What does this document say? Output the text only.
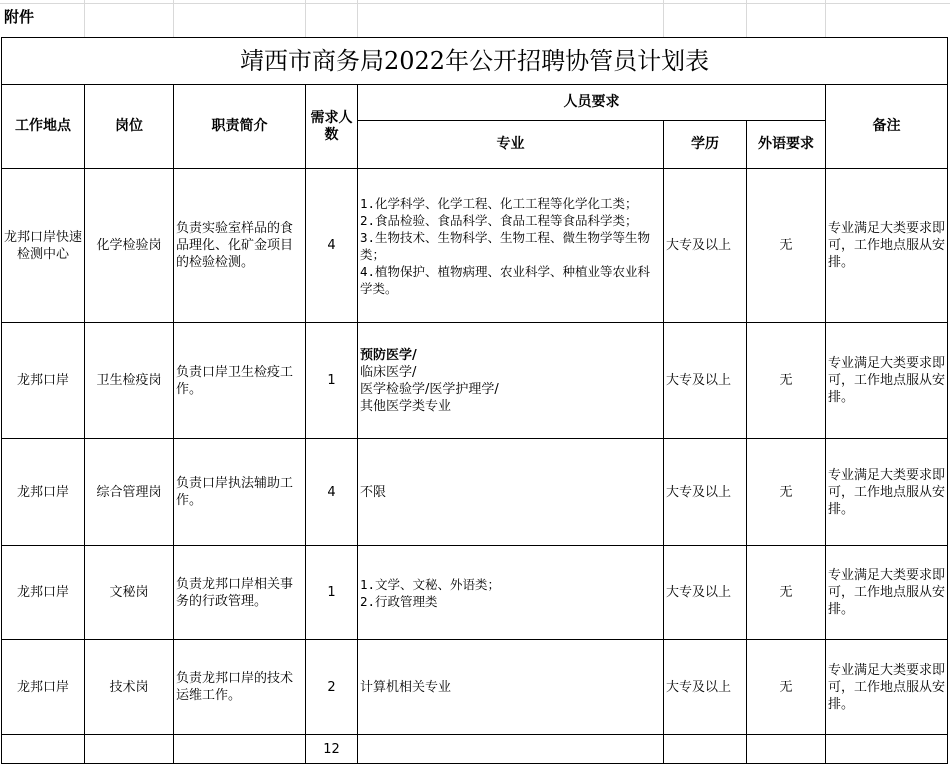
附件
靖西市商务局2022年公开招聘协管员计划表							
工作地点	岗位	职责简介	需求人数	人员要求			备注
				专业	学历	外语要求	
龙邦口岸快速检测中心	化学检验岗	负责实验室样品的食品理化、化矿金项目的检验检测。	4	1.化学科学、化学工程、化工工程等化学化工类；
2.食品检验、食品科学、食品工程等食品科学类；
3.生物技术、生物科学、生物工程、微生物学等生物类；
4.植物保护、植物病理、农业科学、种植业等农业科学类。	大专及以上	无	专业满足大类要求即可，工作地点服从安排。
龙邦口岸	卫生检疫岗	负责口岸卫生检疫工作。	1	预防医学/
临床医学/
医学检验学/医学护理学/
其他医学类专业	大专及以上	无	专业满足大类要求即可，工作地点服从安排。
龙邦口岸	综合管理岗	负责口岸执法辅助工作。	4	不限	大专及以上	无	专业满足大类要求即可，工作地点服从安排。
龙邦口岸	文秘岗	负责龙邦口岸相关事务的行政管理。	1	1.文学、文秘、外语类；
2.行政管理类	大专及以上	无	专业满足大类要求即可，工作地点服从安排。
龙邦口岸	技术岗	负责龙邦口岸的技术运维工作。	2	计算机相关专业	大专及以上	无	专业满足大类要求即可，工作地点服从安排。
			12				
